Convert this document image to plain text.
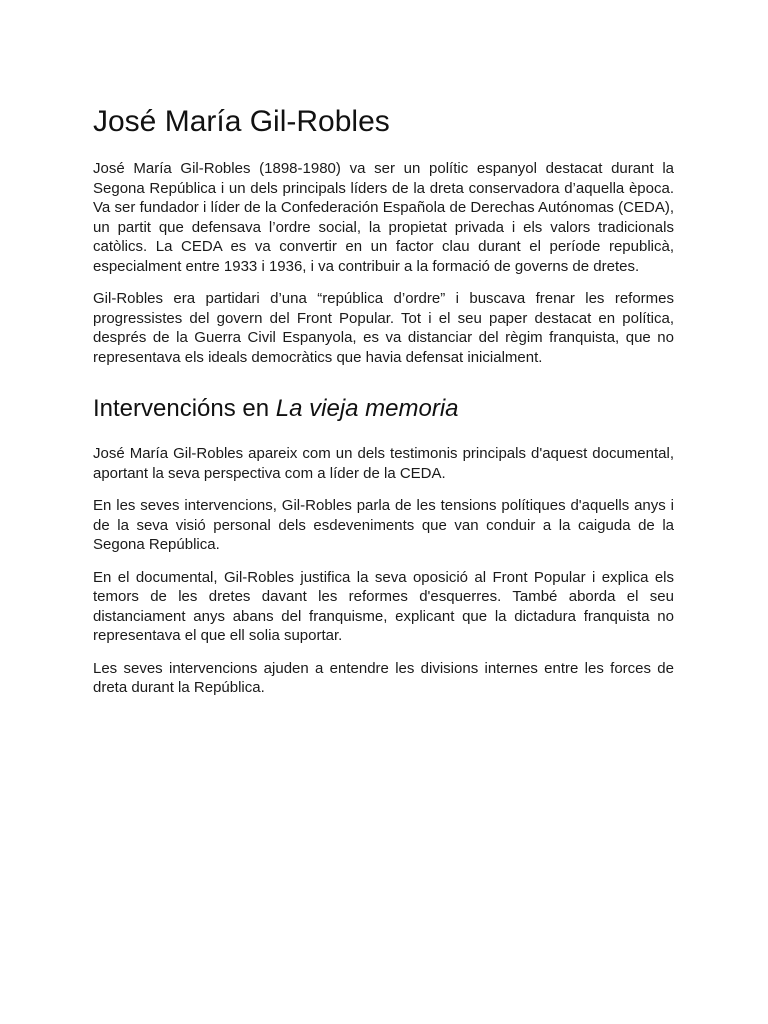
José María Gil-Robles

José María Gil-Robles (1898-1980) va ser un polític espanyol destacat durant la Segona República i un dels principals líders de la dreta conservadora d’aquella època. Va ser fundador i líder de la Confederación Española de Derechas Autónomas (CEDA), un partit que defensava l’ordre social, la propietat privada i els valors tradicionals catòlics. La CEDA es va convertir en un factor clau durant el període republicà, especialment entre 1933 i 1936, i va contribuir a la formació de governs de dretes.

Gil-Robles era partidari d’una “república d’ordre” i buscava frenar les reformes progressistes del govern del Front Popular. Tot i el seu paper destacat en política, després de la Guerra Civil Espanyola, es va distanciar del règim franquista, que no representava els ideals democràtics que havia defensat inicialment.

Intervencións en La vieja memoria

José María Gil-Robles apareix com un dels testimonis principals d'aquest documental, aportant la seva perspectiva com a líder de la CEDA.

En les seves intervencions, Gil-Robles parla de les tensions polítiques d'aquells anys i de la seva visió personal dels esdeveniments que van conduir a la caiguda de la Segona República.

En el documental, Gil-Robles justifica la seva oposició al Front Popular i explica els temors de les dretes davant les reformes d'esquerres. També aborda el seu distanciament anys abans del franquisme, explicant que la dictadura franquista no representava el que ell solia suportar.

Les seves intervencions ajuden a entendre les divisions internes entre les forces de dreta durant la República.
